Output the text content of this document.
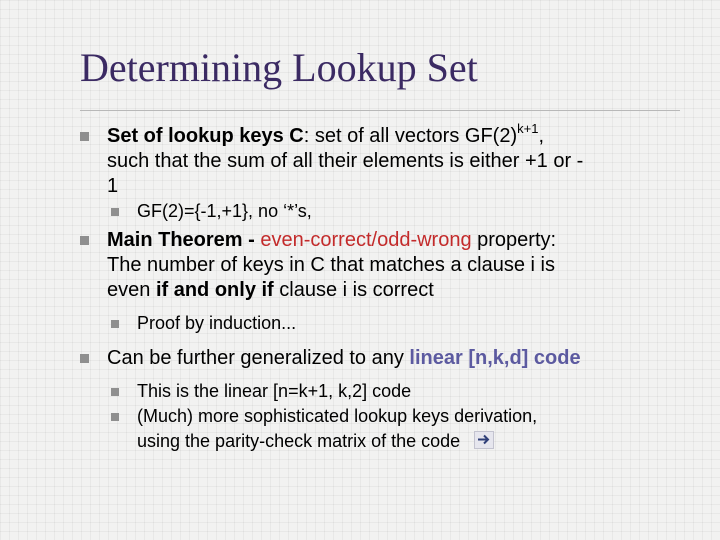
Determining Lookup Set
Set of lookup keys C: set of all vectors $GF(2)^{k+1}$,
such that the sum of all their elements is either +1 or -
1
GF(2)={-1,+1}, no ‘*’s,
Main Theorem - even-correct/odd-wrong property:
The number of keys in C that matches a clause i is
even if and only if clause i is correct
Proof by induction...
Can be further generalized to any linear [n,k,d] code
This is the linear [n=k+1, k,2] code
(Much) more sophisticated lookup keys derivation,
using the parity-check matrix of the code
